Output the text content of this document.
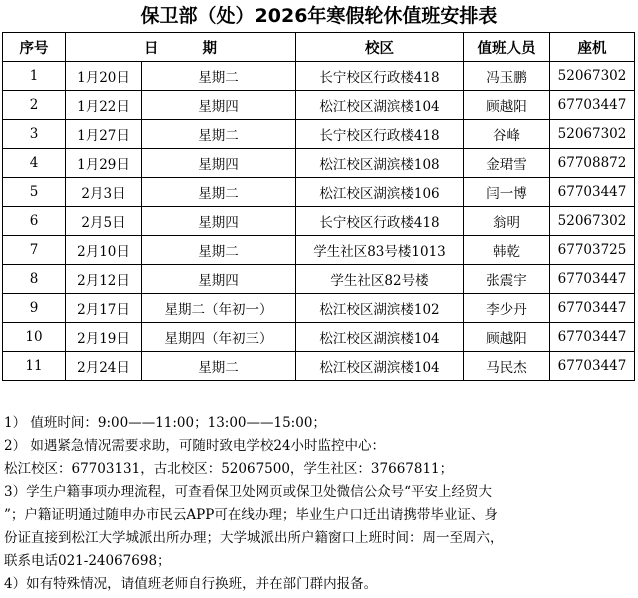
保卫部（处）2026年寒假轮休值班安排表
序号	日 期		校区	值班人员	座机
1	1月20日	星期二	长宁校区行政楼418	冯玉鹏	52067302
2	1月22日	星期四	松江校区湖滨楼104	顾越阳	67703447
3	1月27日	星期二	长宁校区行政楼418	谷峰	52067302
4	1月29日	星期四	松江校区湖滨楼108	金珺雪	67708872
5	2月3日	星期二	松江校区湖滨楼106	闫一博	67703447
6	2月5日	星期四	长宁校区行政楼418	翁明	52067302
7	2月10日	星期二	学生社区83号楼1013	韩乾	67703725
8	2月12日	星期四	学生社区82号楼	张震宇	67703447
9	2月17日	星期二（年初一）	松江校区湖滨楼102	李少丹	67703447
10	2月19日	星期四（年初三）	松江校区湖滨楼104	顾越阳	67703447
11	2月24日	星期二	松江校区湖滨楼104	马民杰	67703447

1） 值班时间：9:00——11:00；13:00——15:00；

2） 如遇紧急情况需要求助，可随时致电学校24小时监控中心：

松江校区：67703131，古北校区：52067500，学生社区：37667811；

3）学生户籍事项办理流程，可查看保卫处网页或保卫处微信公众号“平安上经贸大

”；户籍证明通过随申办市民云APP可在线办理；毕业生户口迁出请携带毕业证、身

份证直接到松江大学城派出所办理；大学城派出所户籍窗口上班时间：周一至周六，

联系电话021-24067698；

4）如有特殊情况，请值班老师自行换班，并在部门群内报备。
